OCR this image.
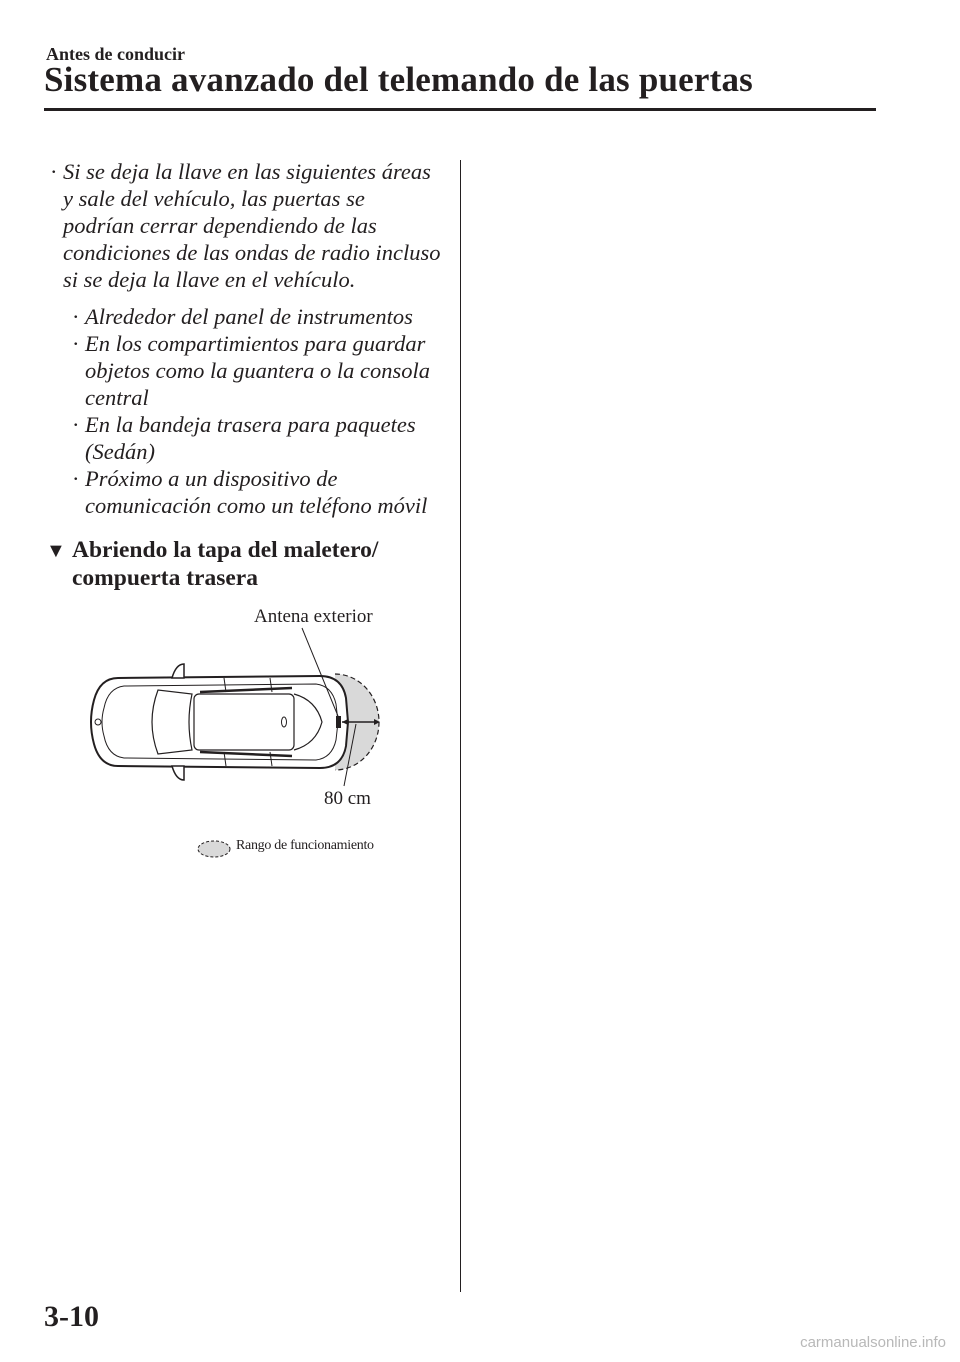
Antes de conducir

Sistema avanzado del telemando de las puertas

· Si se deja la llave en las siguientes áreas y sale del vehículo, las puertas se podrían cerrar dependiendo de las condiciones de las ondas de radio incluso si se deja la llave en el vehículo.

· Alrededor del panel de instrumentos

· En los compartimientos para guardar objetos como la guantera o la consola central

· En la bandeja trasera para paquetes (Sedán)

· Próximo a un dispositivo de comunicación como un teléfono móvil

▼ Abriendo la tapa del maletero/
compuerta trasera
Antena exterior
80 cm
Rango de funcionamiento

3-10

carmanualsonline.info
